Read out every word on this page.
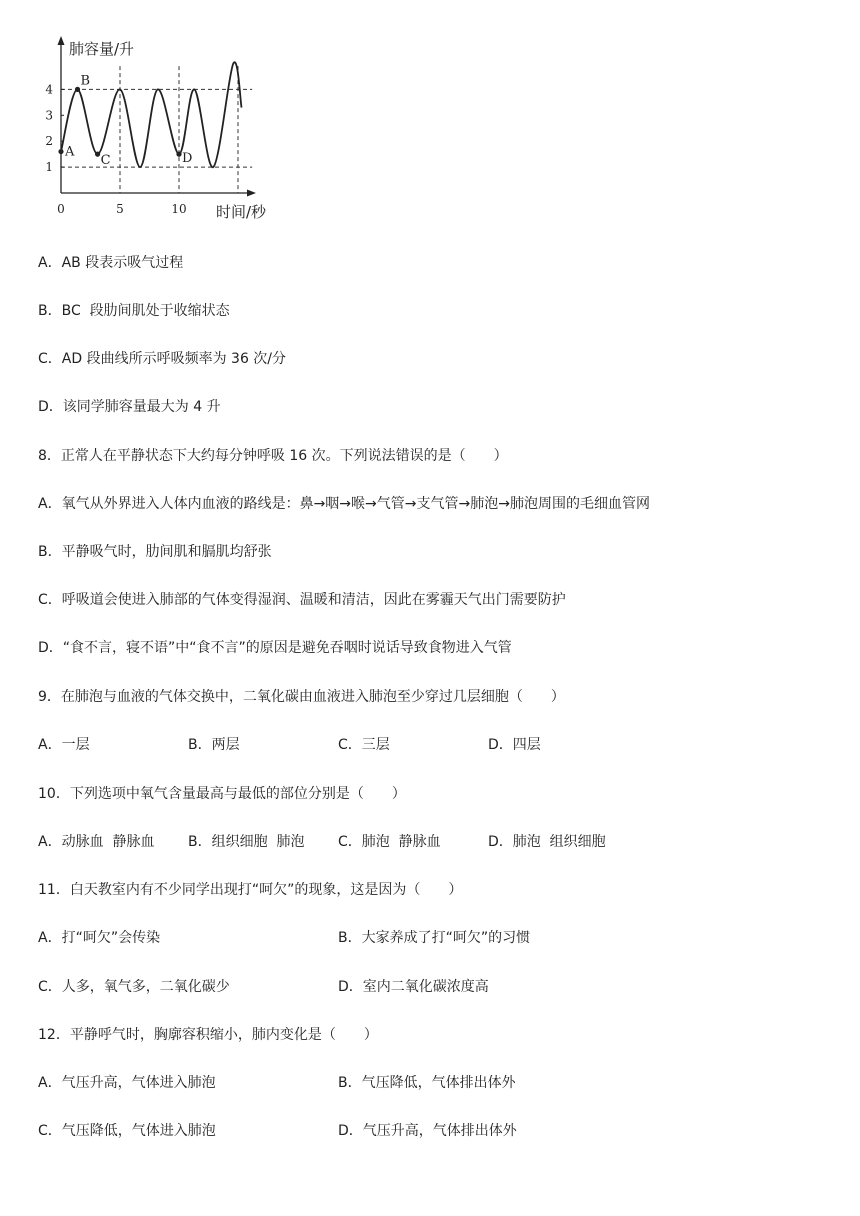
肺容量/升
时间/秒
1
2
3
4
0	5	10
A
B
C	D
A．AB 段表示吸气过程
B．BC  段肋间肌处于收缩状态
C．AD 段曲线所示呼吸频率为 36 次/分
D．该同学肺容量最大为 4 升
8．正常人在平静状态下大约每分钟呼吸 16 次。下列说法错误的是（　　）
A．氧气从外界进入人体内血液的路线是：鼻→咽→喉→气管→支气管→肺泡→肺泡周围的毛细血管网
B．平静吸气时，肋间肌和膈肌均舒张
C．呼吸道会使进入肺部的气体变得湿润、温暖和清洁，因此在雾霾天气出门需要防护
D．“食不言，寝不语”中“食不言”的原因是避免吞咽时说话导致食物进入气管
9．在肺泡与血液的气体交换中，二氧化碳由血液进入肺泡至少穿过几层细胞（　　）
A．一层	B．两层	C．三层	D．四层
10．下列选项中氧气含量最高与最低的部位分别是（　　）
A．动脉血  静脉血 B．组织细胞  肺泡 C．肺泡  静脉血	D．肺泡  组织细胞
11．白天教室内有不少同学出现打“呵欠”的现象，这是因为（　　）
A．打“呵欠”会传染	B．大家养成了打“呵欠”的习惯
C．人多，氧气多，二氧化碳少	D．室内二氧化碳浓度高
12．平静呼气时，胸廓容积缩小，肺内变化是（　　）
A．气压升高，气体进入肺泡	B．气压降低，气体排出体外
C．气压降低，气体进入肺泡	D．气压升高，气体排出体外
